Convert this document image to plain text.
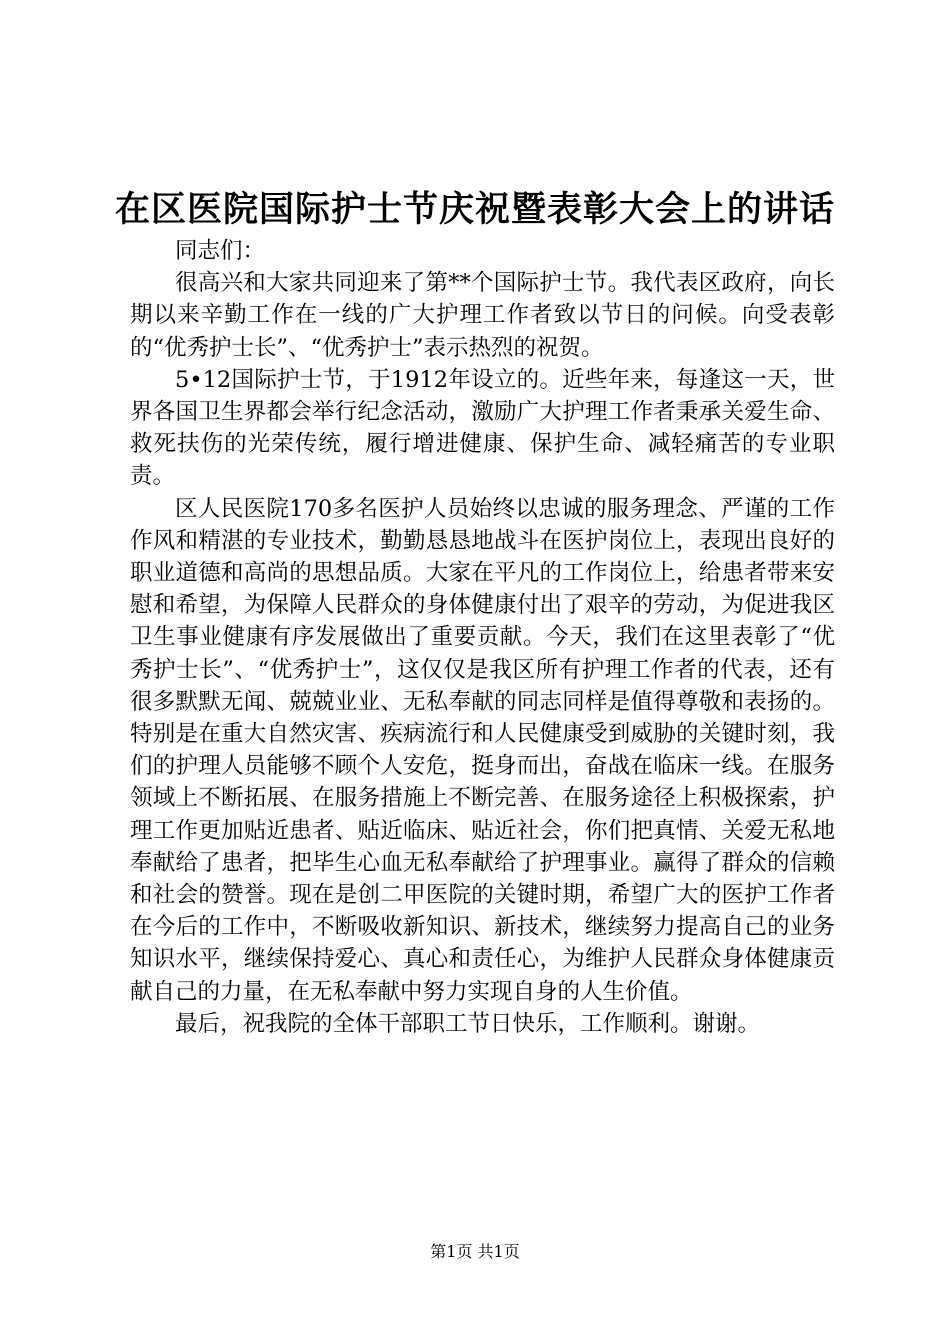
在区医院国际护士节庆祝暨表彰大会上的讲话

同志们：

很高兴和大家共同迎来了第**个国际护士节。我代表区政府，向长期以来辛勤工作在一线的广大护理工作者致以节日的问候。向受表彰的“优秀护士长”、“优秀护士”表示热烈的祝贺。

5•12国际护士节，于1912年设立的。近些年来，每逢这一天，世界各国卫生界都会举行纪念活动，激励广大护理工作者秉承关爱生命、救死扶伤的光荣传统，履行增进健康、保护生命、减轻痛苦的专业职责。

区人民医院170多名医护人员始终以忠诚的服务理念、严谨的工作作风和精湛的专业技术，勤勤恳恳地战斗在医护岗位上，表现出良好的职业道德和高尚的思想品质。大家在平凡的工作岗位上，给患者带来安慰和希望，为保障人民群众的身体健康付出了艰辛的劳动，为促进我区卫生事业健康有序发展做出了重要贡献。今天，我们在这里表彰了“优秀护士长”、“优秀护士”，这仅仅是我区所有护理工作者的代表，还有很多默默无闻、兢兢业业、无私奉献的同志同样是值得尊敬和表扬的。特别是在重大自然灾害、疾病流行和人民健康受到威胁的关键时刻，我们的护理人员能够不顾个人安危，挺身而出，奋战在临床一线。在服务领域上不断拓展、在服务措施上不断完善、在服务途径上积极探索，护理工作更加贴近患者、贴近临床、贴近社会，你们把真情、关爱无私地奉献给了患者，把毕生心血无私奉献给了护理事业。赢得了群众的信赖和社会的赞誉。现在是创二甲医院的关键时期，希望广大的医护工作者在今后的工作中，不断吸收新知识、新技术，继续努力提高自己的业务知识水平，继续保持爱心、真心和责任心，为维护人民群众身体健康贡献自己的力量，在无私奉献中努力实现自身的人生价值。

最后，祝我院的全体干部职工节日快乐，工作顺利。谢谢。

第1页 共1页
